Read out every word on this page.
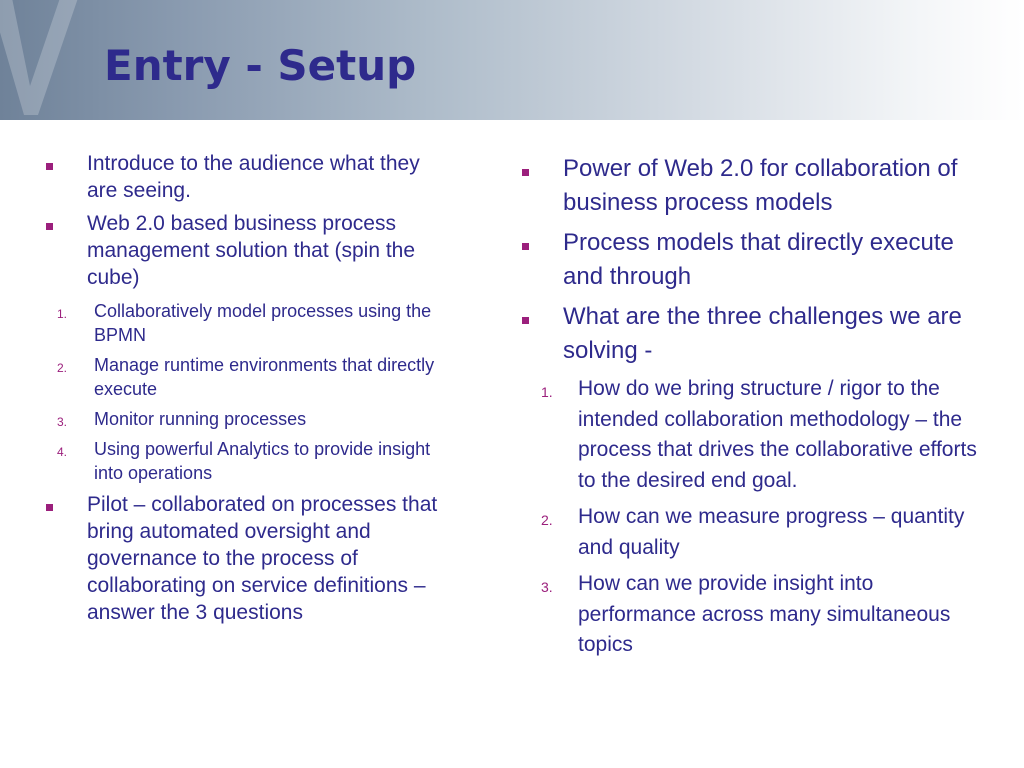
Entry - Setup
Introduce to the audience what they are seeing.
Web 2.0 based business process management solution that (spin the cube)
1. Collaboratively model processes using the BPMN
2. Manage runtime environments that directly execute
3. Monitor running processes
4. Using powerful Analytics to provide insight into operations
Pilot – collaborated on processes that bring automated oversight and governance to the process of collaborating on service definitions – answer the 3 questions
Power of Web 2.0 for collaboration of business process models
Process models that directly execute and through
What are the three challenges we are solving -
1. How do we bring structure / rigor to the intended collaboration methodology – the process that drives the collaborative efforts to the desired end goal.
2. How can we measure progress – quantity and quality
3. How can we provide insight into performance across many simultaneous topics
